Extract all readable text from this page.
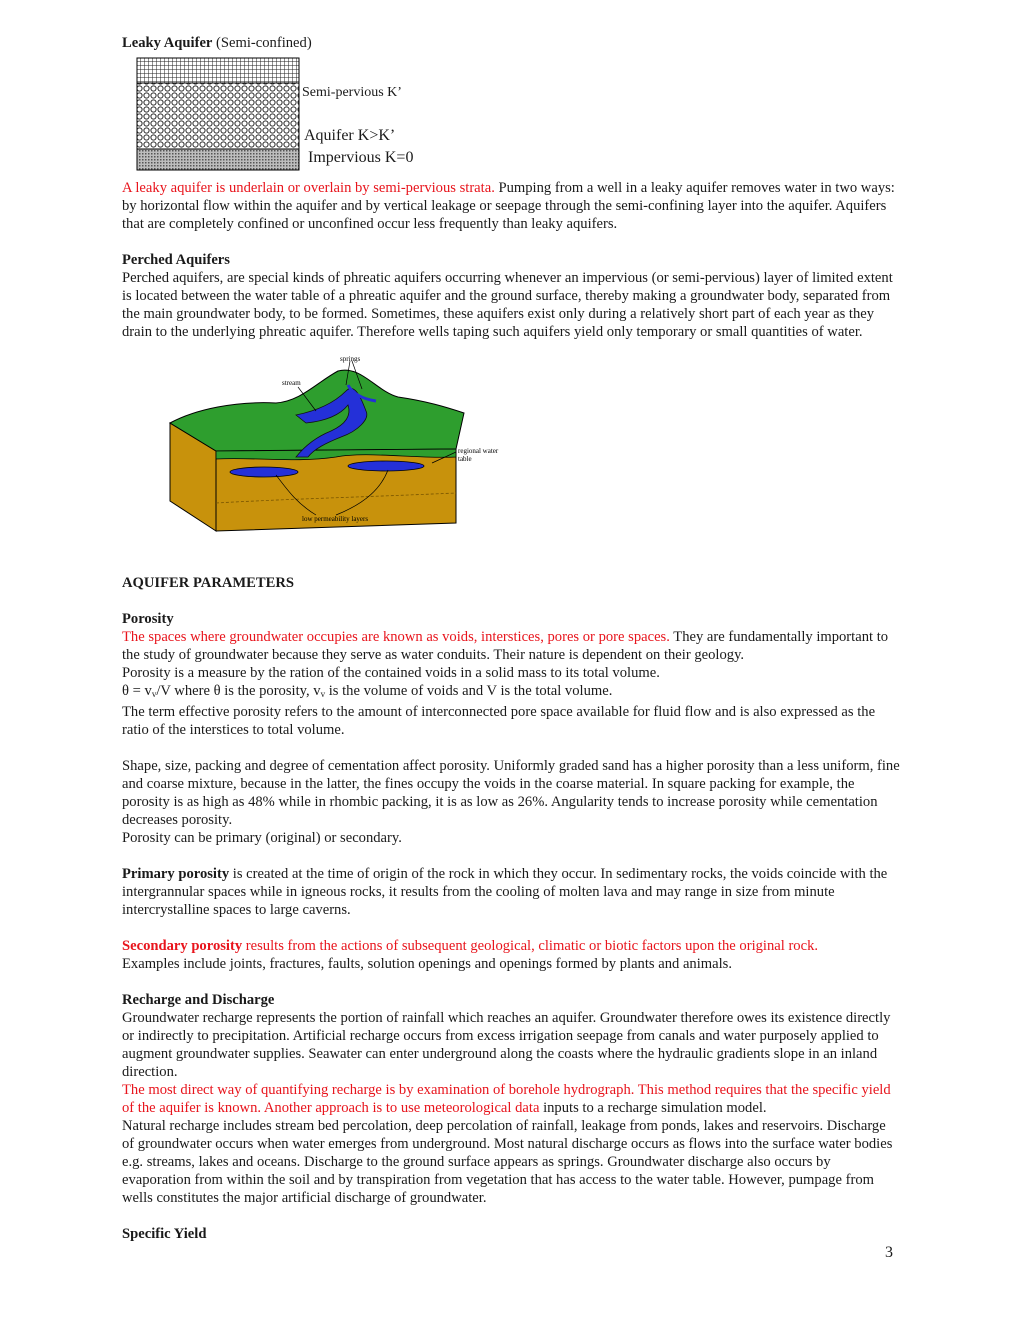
Leaky Aquifer (Semi-confined)

Semi-pervious K’
Aquifer K>K’
Impervious K=0

A leaky aquifer is underlain or overlain by semi-pervious strata. Pumping from a well in a leaky aquifer removes water in two ways: by horizontal flow within the aquifer and by vertical leakage or seepage through the semi-confining layer into the aquifer. Aquifers that are completely confined or unconfined occur less frequently than leaky aquifers.

Perched Aquifers

Perched aquifers, are special kinds of phreatic aquifers occurring whenever an impervious (or semi-pervious) layer of limited extent is located between the water table of a phreatic aquifer and the ground surface, thereby making a groundwater body, separated from the main groundwater body, to be formed. Sometimes, these aquifers exist only during a relatively short part of each year as they drain to the underlying phreatic aquifer. Therefore wells taping such aquifers yield only temporary or small quantities of water.

springs
stream
regional water
table
low permeability layers

AQUIFER PARAMETERS

Porosity

The spaces where groundwater occupies are known as voids, interstices, pores or pore spaces. They are fundamentally important to the study of groundwater because they serve as water conduits. Their nature is dependent on their geology.

Porosity is a measure by the ration of the contained voids in a solid mass to its total volume.

$\theta = v_v/V$ where θ is the porosity, $v_v$ is the volume of voids and V is the total volume.

The term effective porosity refers to the amount of interconnected pore space available for fluid flow and is also expressed as the ratio of the interstices to total volume.

Shape, size, packing and degree of cementation affect porosity. Uniformly graded sand has a higher porosity than a less uniform, fine and coarse mixture, because in the latter, the fines occupy the voids in the coarse material. In square packing for example, the porosity is as high as 48% while in rhombic packing, it is as low as 26%. Angularity tends to increase porosity while cementation decreases porosity.

Porosity can be primary (original) or secondary.

Primary porosity is created at the time of origin of the rock in which they occur. In sedimentary rocks, the voids coincide with the intergrannular spaces while in igneous rocks, it results from the cooling of molten lava and may range in size from minute intercrystalline spaces to large caverns.

Secondary porosity results from the actions of subsequent geological, climatic or biotic factors upon the original rock.

Examples include joints, fractures, faults, solution openings and openings formed by plants and animals.

Recharge and Discharge

Groundwater recharge represents the portion of rainfall which reaches an aquifer. Groundwater therefore owes its existence directly or indirectly to precipitation. Artificial recharge occurs from excess irrigation seepage from canals and water purposely applied to augment groundwater supplies. Seawater can enter underground along the coasts where the hydraulic gradients slope in an inland direction.

The most direct way of quantifying recharge is by examination of borehole hydrograph. This method requires that the specific yield of the aquifer is known. Another approach is to use meteorological data inputs to a recharge simulation model.

Natural recharge includes stream bed percolation, deep percolation of rainfall, leakage from ponds, lakes and reservoirs. Discharge of groundwater occurs when water emerges from underground. Most natural discharge occurs as flows into the surface water bodies e.g. streams, lakes and oceans. Discharge to the ground surface appears as springs. Groundwater discharge also occurs by evaporation from within the soil and by transpiration from vegetation that has access to the water table. However, pumpage from wells constitutes the major artificial discharge of groundwater.

Specific Yield

3
